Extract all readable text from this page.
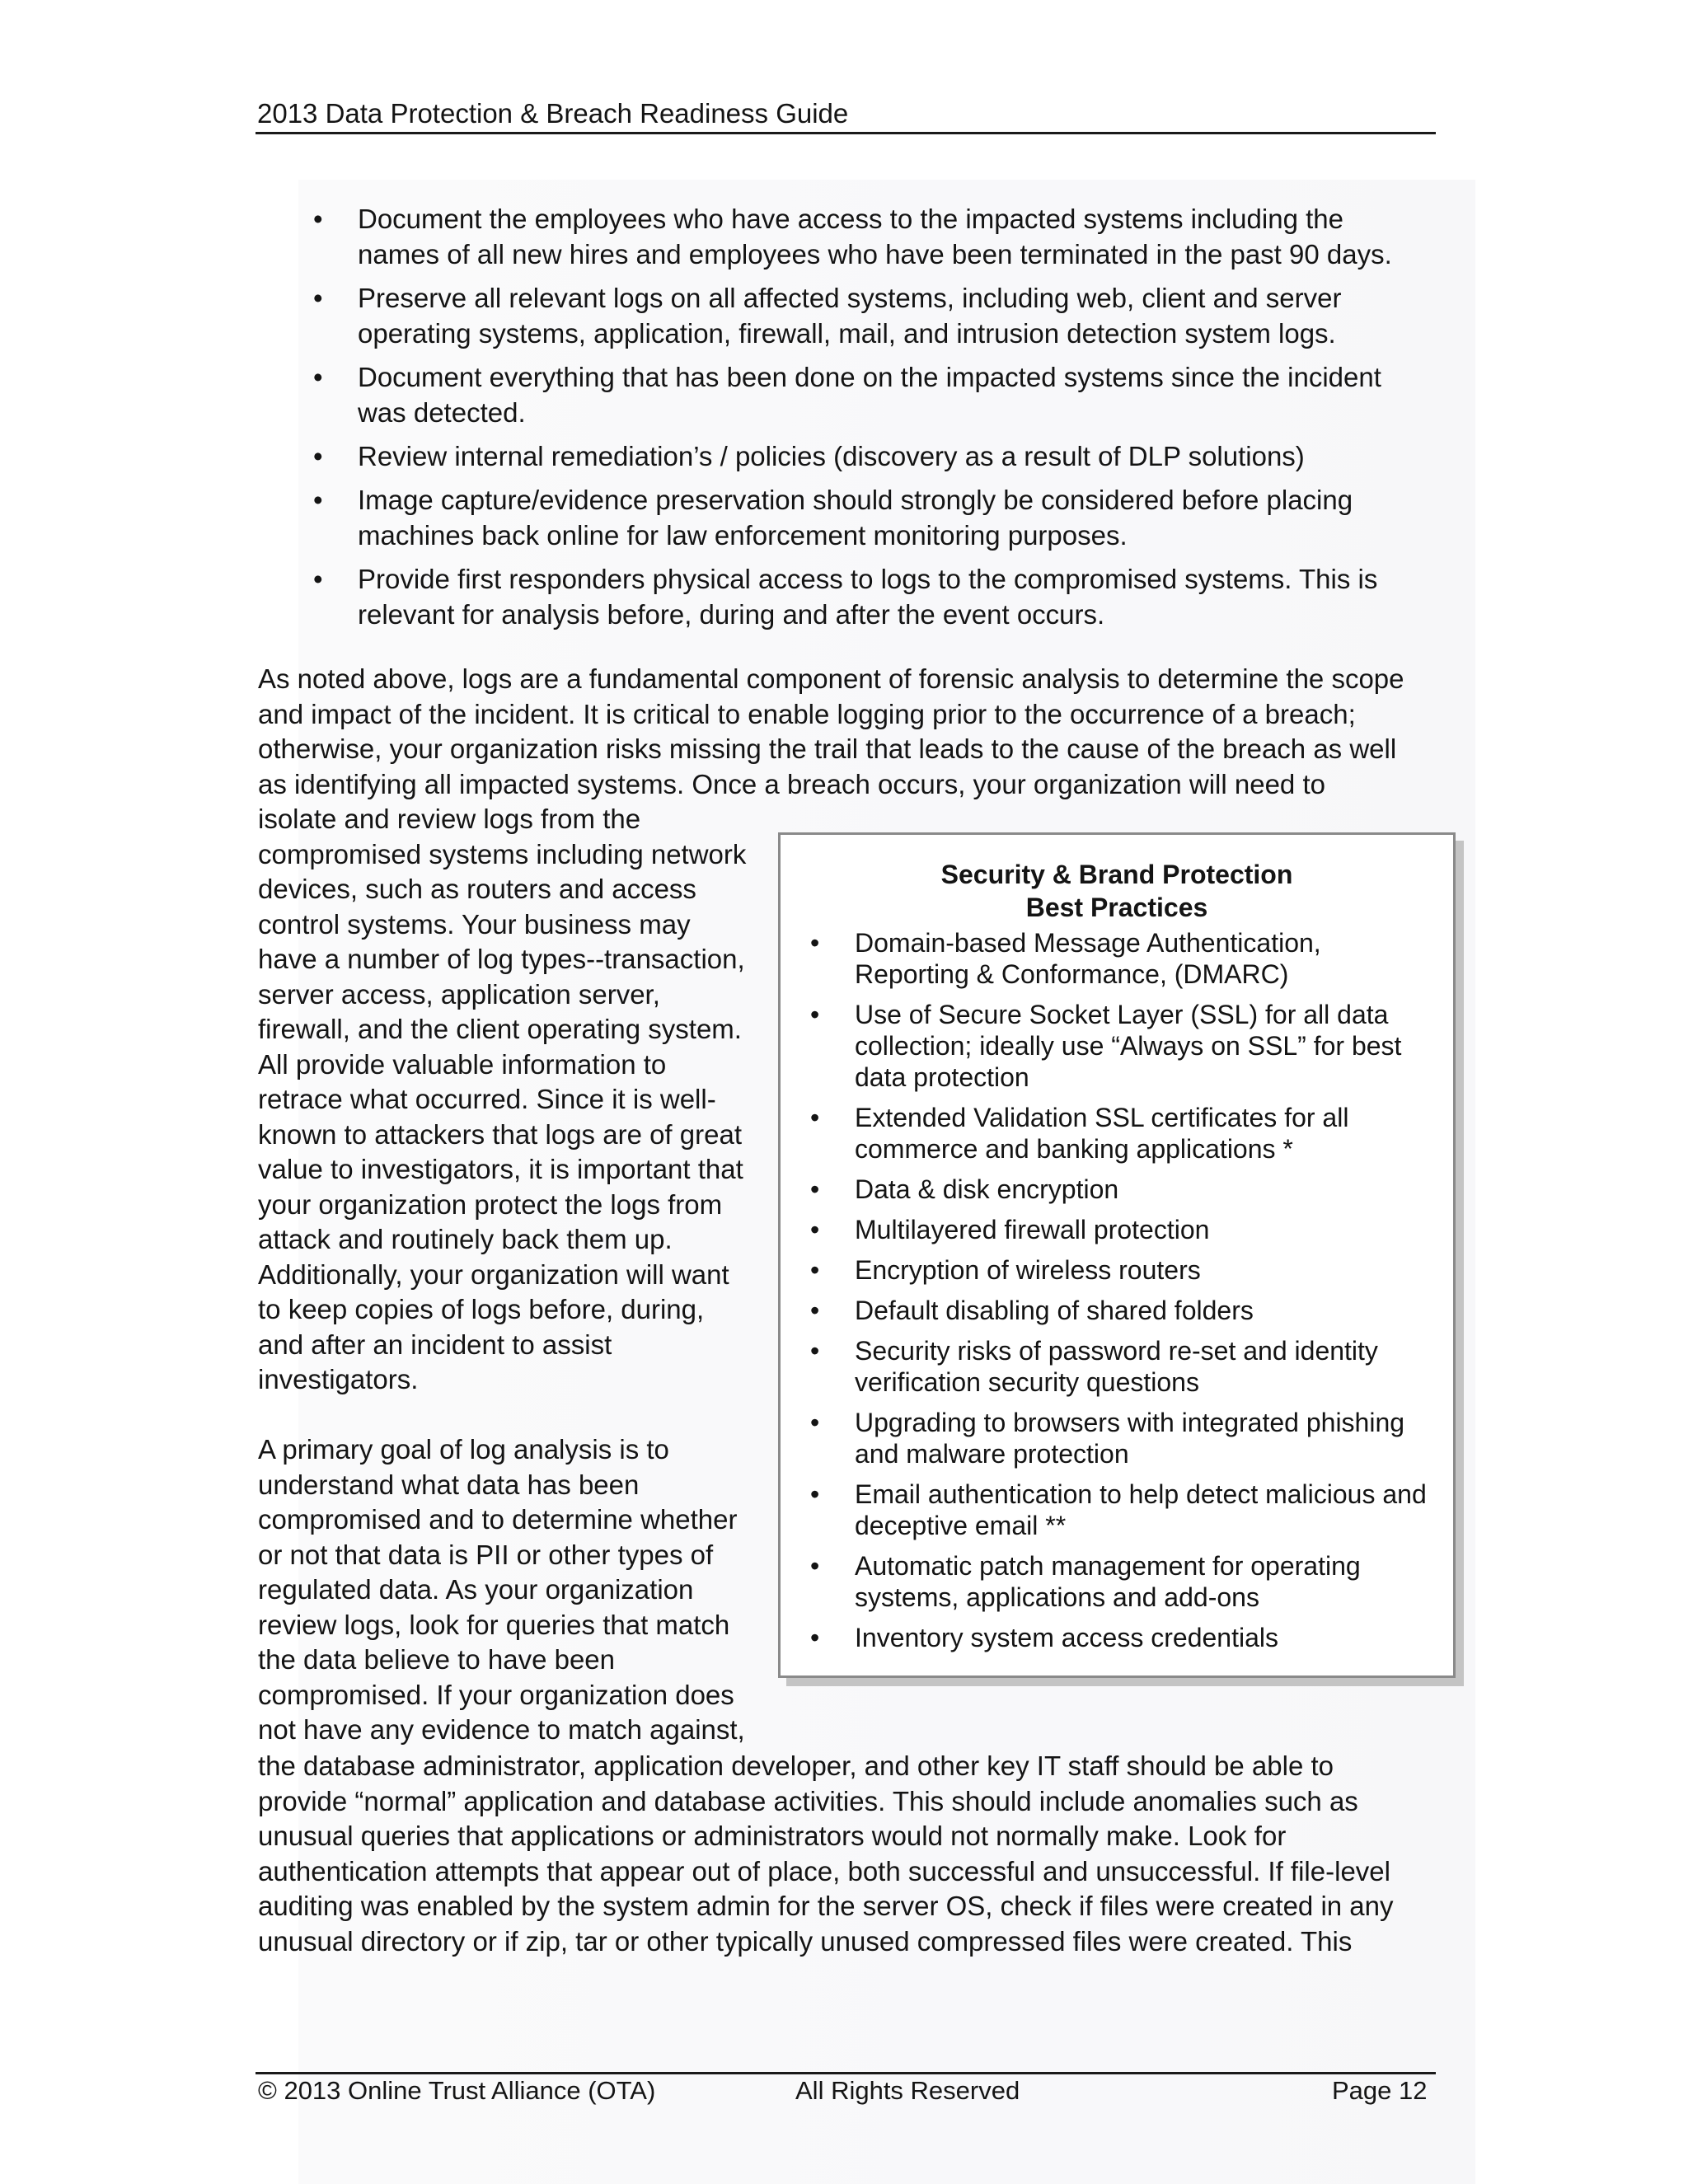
2013 Data Protection & Breach Readiness Guide
• Document the employees who have access to the impacted systems including the names of all new hires and employees who have been terminated in the past 90 days.
• Preserve all relevant logs on all affected systems, including web, client and server operating systems, application, firewall, mail, and intrusion detection system logs.
• Document everything that has been done on the impacted systems since the incident was detected.
• Review internal remediation’s / policies (discovery as a result of DLP solutions)
• Image capture/evidence preservation should strongly be considered before placing machines back online for law enforcement monitoring purposes.
• Provide first responders physical access to logs to the compromised systems. This is relevant for analysis before, during and after the event occurs.
As noted above, logs are a fundamental component of forensic analysis to determine the scope
and impact of the incident. It is critical to enable logging prior to the occurrence of a breach;
otherwise, your organization risks missing the trail that leads to the cause of the breach as well
as identifying all impacted systems. Once a breach occurs, your organization will need to
isolate and review logs from the
compromised systems including network
devices, such as routers and access
control systems. Your business may
have a number of log types--transaction,
server access, application server,
firewall, and the client operating system.
All provide valuable information to
retrace what occurred. Since it is well-
known to attackers that logs are of great
value to investigators, it is important that
your organization protect the logs from
attack and routinely back them up.
Additionally, your organization will want
to keep copies of logs before, during,
and after an incident to assist
investigators.

A primary goal of log analysis is to
understand what data has been
compromised and to determine whether
or not that data is PII or other types of
regulated data. As your organization
review logs, look for queries that match
the data believe to have been
compromised. If your organization does
not have any evidence to match against,
Security & Brand Protection
Best Practices
• Domain-based Message Authentication, Reporting & Conformance, (DMARC)
• Use of Secure Socket Layer (SSL) for all data collection; ideally use “Always on SSL” for best data protection
• Extended Validation SSL certificates for all commerce and banking applications *
• Data & disk encryption
• Multilayered firewall protection
• Encryption of wireless routers
• Default disabling of shared folders
• Security risks of password re-set and identity verification security questions
• Upgrading to browsers with integrated phishing and malware protection
• Email authentication to help detect malicious and deceptive email **
• Automatic patch management for operating systems, applications and add-ons
• Inventory system access credentials
the database administrator, application developer, and other key IT staff should be able to
provide “normal” application and database activities. This should include anomalies such as
unusual queries that applications or administrators would not normally make. Look for
authentication attempts that appear out of place, both successful and unsuccessful. If file-level
auditing was enabled by the system admin for the server OS, check if files were created in any
unusual directory or if zip, tar or other typically unused compressed files were created. This
© 2013 Online Trust Alliance (OTA)	All Rights Reserved	Page 12
